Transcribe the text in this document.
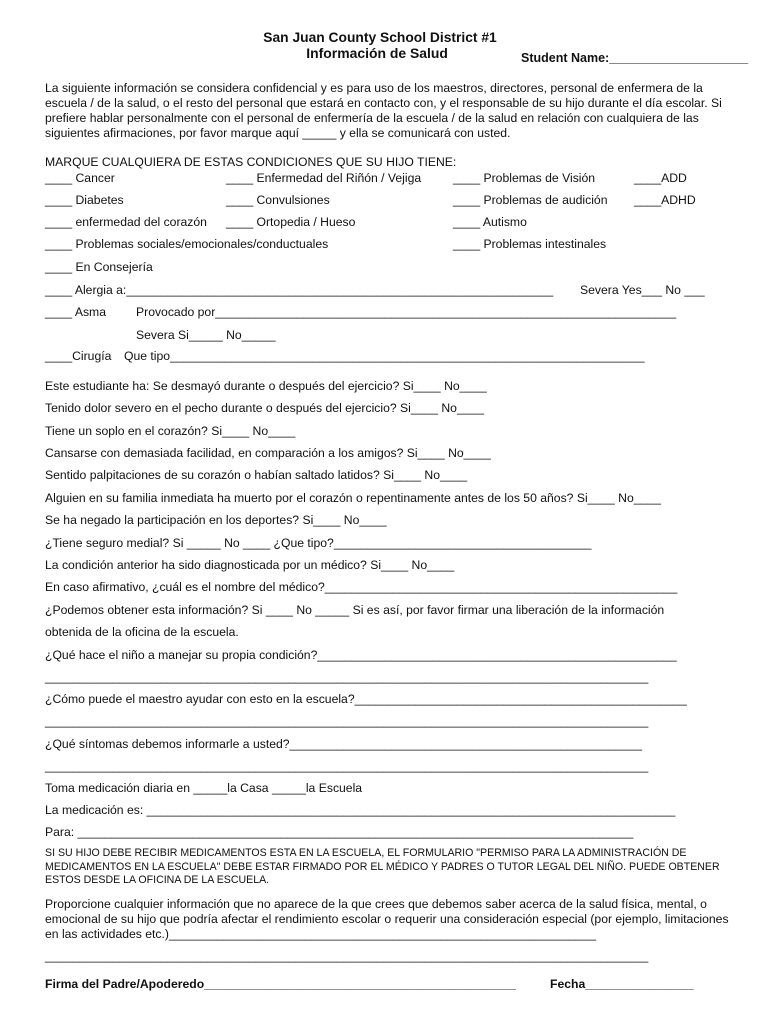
San Juan County School District #1
Información de Salud	Student Name:____________________
La siguiente información se considera confidencial y es para uso de los maestros, directores, personal de enfermera de la escuela / de la salud, o el resto del personal que estará en contacto con, y el responsable de su hijo durante el día escolar. Si prefiere hablar personalmente con el personal de enfermería de la escuela / de la salud en relación con cualquiera de las siguientes afirmaciones, por favor marque aquí _____ y ella se comunicará con usted.
MARQUE CUALQUIERA DE ESTAS CONDICIONES QUE SU HIJO TIENE:
____ Cancer	____ Enfermedad del Riñón / Vejiga	____ Problemas de Visión	____ADD
____ Diabetes	____ Convulsiones	____ Problemas de audición ____ADHD
____ enfermedad del corazón ____ Ortopedia / Hueso	____ Autismo
____ Problemas sociales/emocionales/conductuales	____ Problemas intestinales
____ En Consejería
____ Alergia a:_______________________________________________________________ Severa Yes___ No ___
____ Asma Provocado por____________________________________________________________________
Severa Si_____ No_____
____Cirugía Que tipo______________________________________________________________________
Este estudiante ha: Se desmayó durante o después del ejercicio? Si____ No____
Tenido dolor severo en el pecho durante o después del ejercicio? Si____ No____
Tiene un soplo en el corazón? Si____ No____
Cansarse con demasiada facilidad, en comparación a los amigos? Si____ No____
Sentido palpitaciones de su corazón o habían saltado latidos? Si____ No____
Alguien en su familia inmediata ha muerto por el corazón o repentinamente antes de los 50 años? Si____ No____
Se ha negado la participación en los deportes? Si____ No____
¿Tiene seguro medial? Si _____ No ____ ¿Que tipo?______________________________________
La condición anterior ha sido diagnosticada por un médico? Si____ No____
En caso afirmativo, ¿cuál es el nombre del médico?____________________________________________________
¿Podemos obtener esta información? Si ____ No _____ Si es así, por favor firmar una liberación de la información
obtenida de la oficina de la escuela.
¿Qué hace el niño a manejar su propia condición?_____________________________________________________
_________________________________________________________________________________________
¿Cómo puede el maestro ayudar con esto en la escuela?_________________________________________________
_________________________________________________________________________________________
¿Qué síntomas debemos informarle a usted?____________________________________________________
_________________________________________________________________________________________
Toma medicación diaria en _____la Casa _____la Escuela
La medicación es: ______________________________________________________________________________
Para: __________________________________________________________________________________
SI SU HIJO DEBE RECIBIR MEDICAMENTOS ESTA EN LA ESCUELA, EL FORMULARIO "PERMISO PARA LA ADMINISTRACIÓN DE MEDICAMENTOS EN LA ESCUELA" DEBE ESTAR FIRMADO POR EL MÉDICO Y PADRES O TUTOR LEGAL DEL NIÑO. PUEDE OBTENER ESTOS DESDE LA OFICINA DE LA ESCUELA.
Proporcione cualquier información que no aparece de la que crees que debemos saber acerca de la salud física, mental, o emocional de su hijo que podría afectar el rendimiento escolar o requerir una consideración especial (por ejemplo, limitaciones en las actividades etc.)_______________________________________________________________
_________________________________________________________________________________________
Firma del Padre/Apoderedo______________________________________________	Fecha________________
